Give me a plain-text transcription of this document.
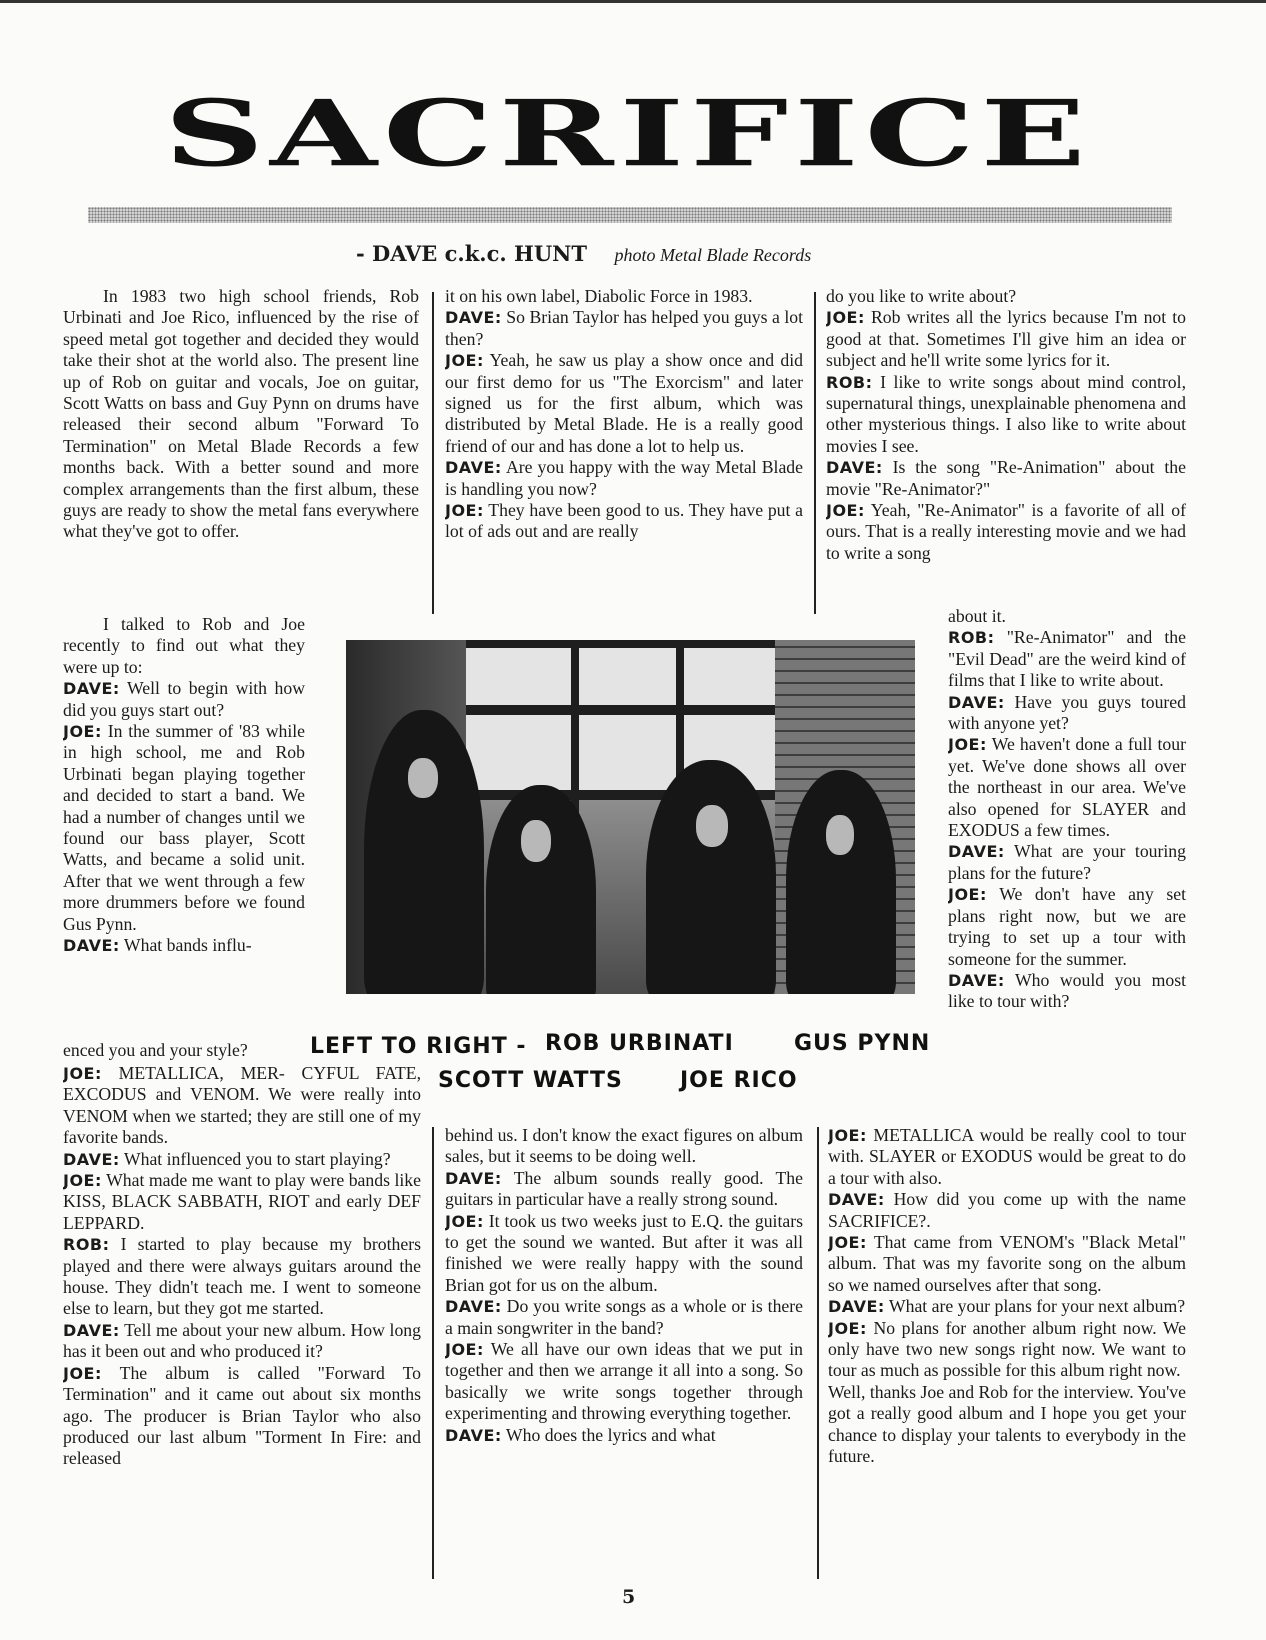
SACRIFICE
- DAVE c.k.c. HUNT photo Metal Blade Records

In 1983 two high school friends, Rob Urbinati and Joe Rico, influenced by the rise of speed metal got together and decided they would take their shot at the world also. The present line up of Rob on guitar and vocals, Joe on guitar, Scott Watts on bass and Guy Pynn on drums have released their second album "Forward To Termination" on Metal Blade Records a few months back. With a better sound and more complex arrangements than the first album, these guys are ready to show the metal fans everywhere what they've got to offer.

I talked to Rob and Joe recently to find out what they were up to:

DAVE: Well to begin with how did you guys start out?

JOE: In the summer of '83 while in high school, me and Rob Urbinati began playing together and decided to start a band. We had a number of changes until we found our bass player, Scott Watts, and became a solid unit. After that we went through a few more drummers before we found Gus Pynn.

DAVE: What bands influ-

enced you and your style?

JOE: METALLICA, MER- CYFUL FATE, EXCODUS and VENOM. We were really into VENOM when we started; they are still one of my favorite bands.

DAVE: What influenced you to start playing?

JOE: What made me want to play were bands like KISS, BLACK SABBATH, RIOT and early DEF LEPPARD.

ROB: I started to play because my brothers played and there were always guitars around the house. They didn't teach me. I went to someone else to learn, but they got me started.

DAVE: Tell me about your new album. How long has it been out and who produced it?

JOE: The album is called "Forward To Termination" and it came out about six months ago. The producer is Brian Taylor who also produced our last album "Torment In Fire: and released

it on his own label, Diabolic Force in 1983.

DAVE: So Brian Taylor has helped you guys a lot then?

JOE: Yeah, he saw us play a show once and did our first demo for us "The Exorcism" and later signed us for the first album, which was distributed by Metal Blade. He is a really good friend of our and has done a lot to help us.

DAVE: Are you happy with the way Metal Blade is handling you now?

JOE: They have been good to us. They have put a lot of ads out and are really

behind us. I don't know the exact figures on album sales, but it seems to be doing well.

DAVE: The album sounds really good. The guitars in particular have a really strong sound.

JOE: It took us two weeks just to E.Q. the guitars to get the sound we wanted. But after it was all finished we were really happy with the sound Brian got for us on the album.

DAVE: Do you write songs as a whole or is there a main songwriter in the band?

JOE: We all have our own ideas that we put in together and then we arrange it all into a song. So basically we write songs together through experimenting and throwing everything together.

DAVE: Who does the lyrics and what

do you like to write about?

JOE: Rob writes all the lyrics because I'm not to good at that. Sometimes I'll give him an idea or subject and he'll write some lyrics for it.

ROB: I like to write songs about mind control, supernatural things, unexplainable phenomena and other mysterious things. I also like to write about movies I see.

DAVE: Is the song "Re-Animation" about the movie "Re-Animator?"

JOE: Yeah, "Re-Animator" is a favorite of all of ours. That is a really interesting movie and we had to write a song

about it.

ROB: "Re-Animator" and the "Evil Dead" are the weird kind of films that I like to write about.

DAVE: Have you guys toured with anyone yet?

JOE: We haven't done a full tour yet. We've done shows all over the northeast in our area. We've also opened for SLAYER and EXODUS a few times.

DAVE: What are your touring plans for the future?

JOE: We don't have any set plans right now, but we are trying to set up a tour with someone for the summer.

DAVE: Who would you most like to tour with?

JOE: METALLICA would be really cool to tour with. SLAYER or EXODUS would be great to do a tour with also.

DAVE: How did you come up with the name SACRIFICE?.

JOE: That came from VENOM's "Black Metal" album. That was my favorite song on the album so we named ourselves after that song.

DAVE: What are your plans for your next album?

JOE: No plans for another album right now. We only have two new songs right now. We want to tour as much as possible for this album right now.

Well, thanks Joe and Rob for the interview. You've got a really good album and I hope you get your chance to display your talents to everybody in the future.

LEFT TO RIGHT - ROB URBINATI	GUS PYNN
SCOTT WATTS	JOE RICO
5
